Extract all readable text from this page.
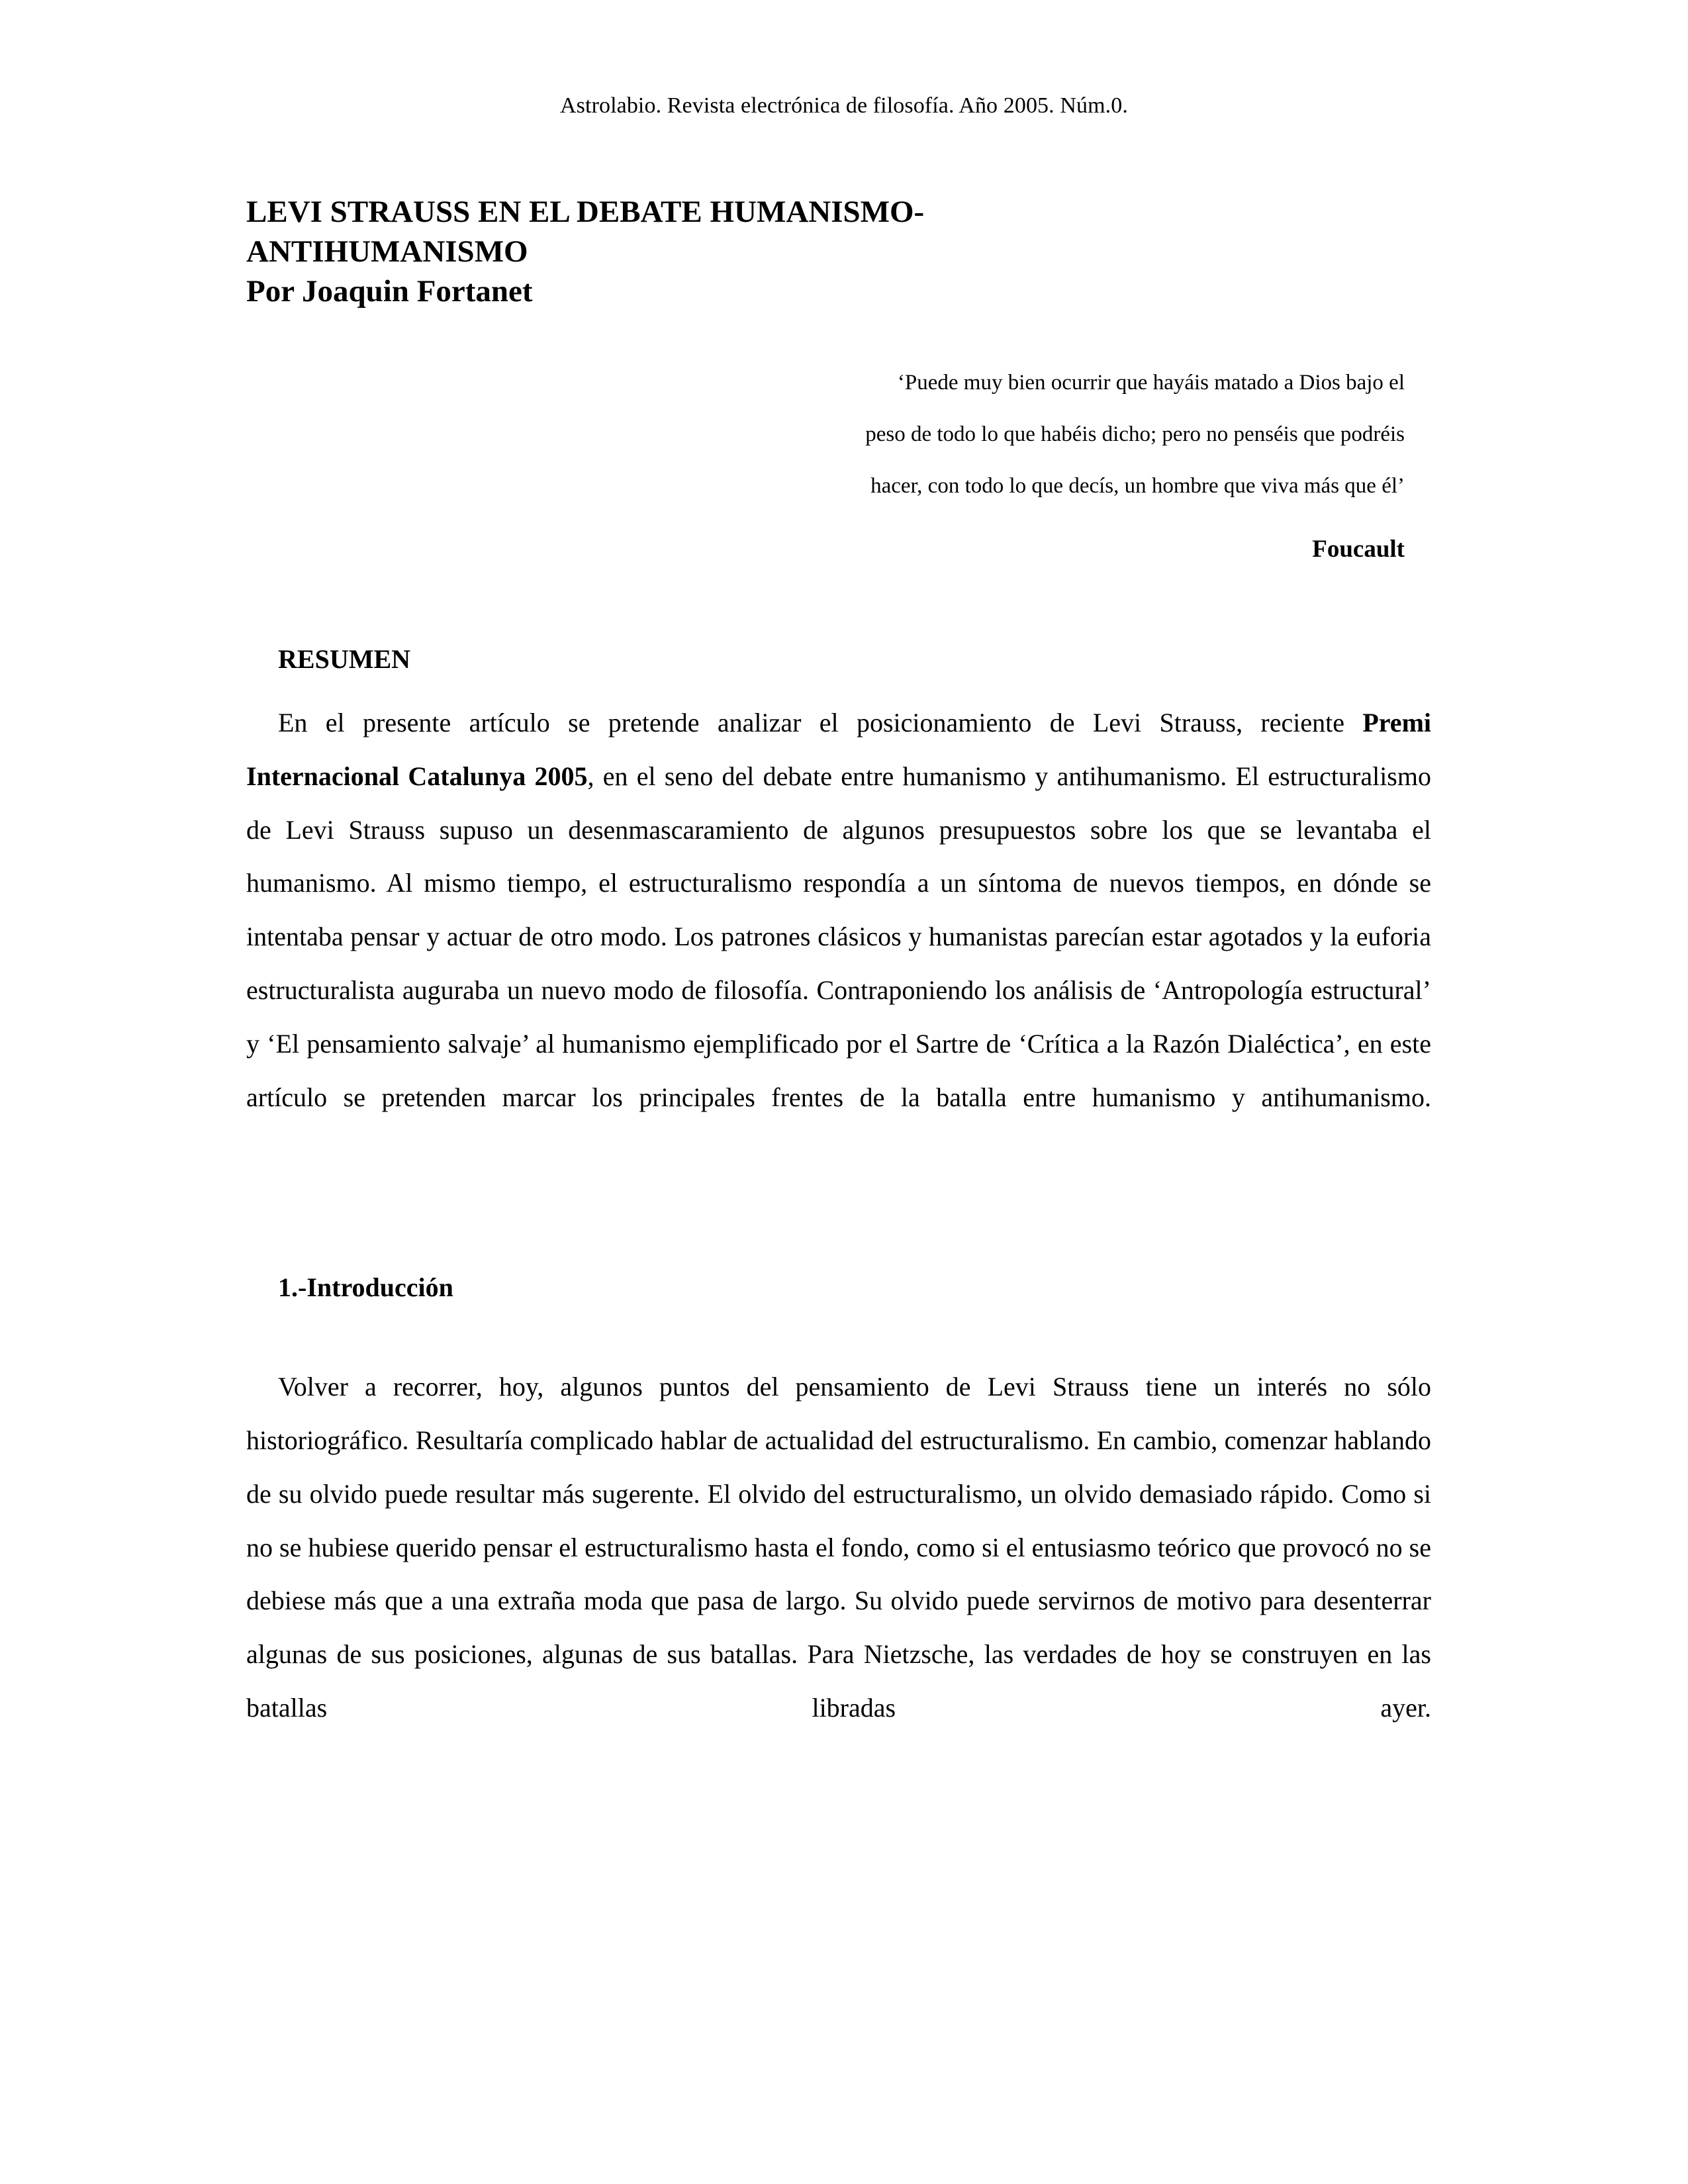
Astrolabio. Revista electrónica de filosofía. Año 2005. Núm.0.
LEVI STRAUSS EN EL DEBATE HUMANISMO-
ANTIHUMANISMO
Por Joaquin Fortanet
‘Puede muy bien ocurrir que hayáis matado a Dios bajo el
peso de todo lo que habéis dicho; pero no penséis que podréis
hacer, con todo lo que decís, un hombre que viva más que él’
Foucault
RESUMEN

En el presente artículo se pretende analizar el posicionamiento de Levi Strauss, reciente Premi Internacional Catalunya 2005, en el seno del debate entre humanismo y antihumanismo. El estructuralismo de Levi Strauss supuso un desenmascaramiento de algunos presupuestos sobre los que se levantaba el humanismo. Al mismo tiempo, el estructuralismo respondía a un síntoma de nuevos tiempos, en dónde se intentaba pensar y actuar de otro modo. Los patrones clásicos y humanistas parecían estar agotados y la euforia estructuralista auguraba un nuevo modo de filosofía. Contraponiendo los análisis de ‘Antropología estructural’ y ‘El pensamiento salvaje’ al humanismo ejemplificado por el Sartre de ‘Crítica a la Razón Dialéctica’, en este artículo se pretenden marcar los principales frentes de la batalla entre humanismo y antihumanismo.

1.-Introducción

Volver a recorrer, hoy, algunos puntos del pensamiento de Levi Strauss tiene un interés no sólo historiográfico. Resultaría complicado hablar de actualidad del estructuralismo. En cambio, comenzar hablando de su olvido puede resultar más sugerente. El olvido del estructuralismo, un olvido demasiado rápido. Como si no se hubiese querido pensar el estructuralismo hasta el fondo, como si el entusiasmo teórico que provocó no se debiese más que a una extraña moda que pasa de largo. Su olvido puede servirnos de motivo para desenterrar algunas de sus posiciones, algunas de sus batallas. Para Nietzsche, las verdades de hoy se construyen en las batallas libradas ayer.
